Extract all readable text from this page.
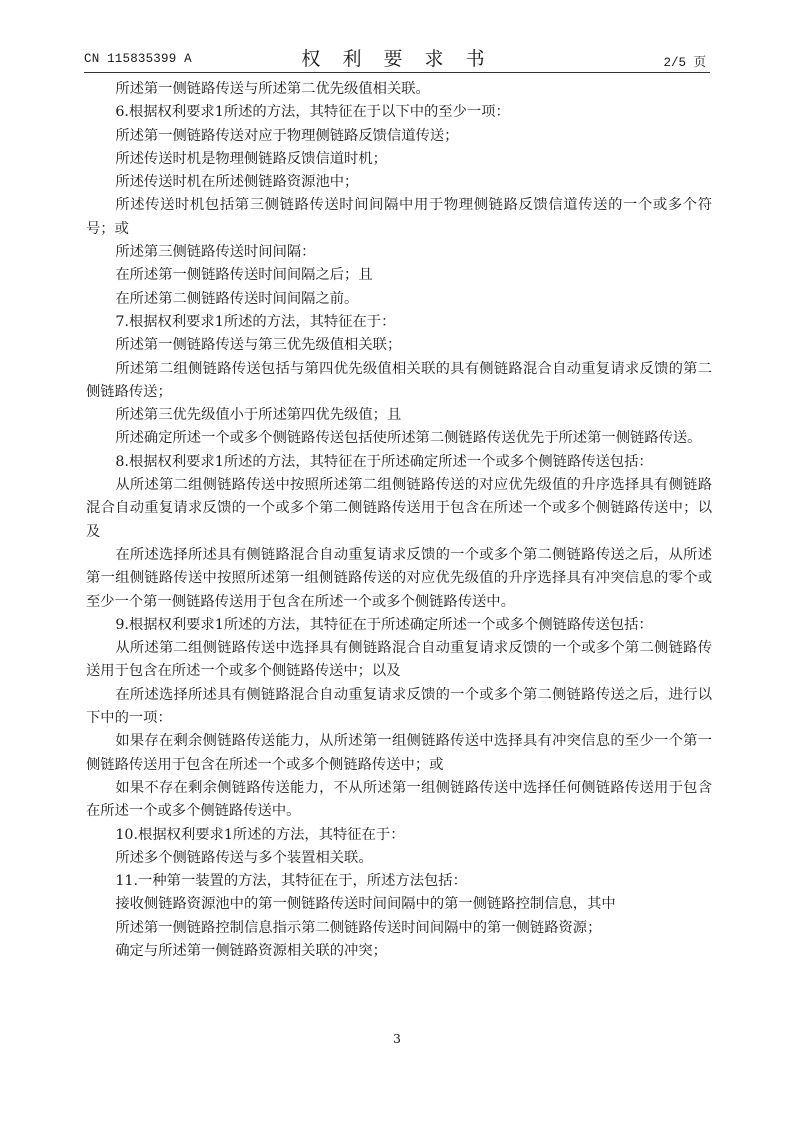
CN 115835399 A	权 利 要 求 书	2/5 页

所述第一侧链路传送与所述第二优先级值相关联。

6.根据权利要求1所述的方法，其特征在于以下中的至少一项：

所述第一侧链路传送对应于物理侧链路反馈信道传送；

所述传送时机是物理侧链路反馈信道时机；

所述传送时机在所述侧链路资源池中；

所述传送时机包括第三侧链路传送时间间隔中用于物理侧链路反馈信道传送的一个或多个符号；或

所述第三侧链路传送时间间隔：

在所述第一侧链路传送时间间隔之后；且

在所述第二侧链路传送时间间隔之前。

7.根据权利要求1所述的方法，其特征在于：

所述第一侧链路传送与第三优先级值相关联；

所述第二组侧链路传送包括与第四优先级值相关联的具有侧链路混合自动重复请求反馈的第二侧链路传送；

所述第三优先级值小于所述第四优先级值；且

所述确定所述一个或多个侧链路传送包括使所述第二侧链路传送优先于所述第一侧链路传送。

8.根据权利要求1所述的方法，其特征在于所述确定所述一个或多个侧链路传送包括：

从所述第二组侧链路传送中按照所述第二组侧链路传送的对应优先级值的升序选择具有侧链路混合自动重复请求反馈的一个或多个第二侧链路传送用于包含在所述一个或多个侧链路传送中；以及

在所述选择所述具有侧链路混合自动重复请求反馈的一个或多个第二侧链路传送之后，从所述第一组侧链路传送中按照所述第一组侧链路传送的对应优先级值的升序选择具有冲突信息的零个或至少一个第一侧链路传送用于包含在所述一个或多个侧链路传送中。

9.根据权利要求1所述的方法，其特征在于所述确定所述一个或多个侧链路传送包括：

从所述第二组侧链路传送中选择具有侧链路混合自动重复请求反馈的一个或多个第二侧链路传送用于包含在所述一个或多个侧链路传送中；以及

在所述选择所述具有侧链路混合自动重复请求反馈的一个或多个第二侧链路传送之后，进行以下中的一项：

如果存在剩余侧链路传送能力，从所述第一组侧链路传送中选择具有冲突信息的至少一个第一侧链路传送用于包含在所述一个或多个侧链路传送中；或

如果不存在剩余侧链路传送能力，不从所述第一组侧链路传送中选择任何侧链路传送用于包含在所述一个或多个侧链路传送中。

10.根据权利要求1所述的方法，其特征在于：

所述多个侧链路传送与多个装置相关联。

11.一种第一装置的方法，其特征在于，所述方法包括：

接收侧链路资源池中的第一侧链路传送时间间隔中的第一侧链路控制信息，其中

所述第一侧链路控制信息指示第二侧链路传送时间间隔中的第一侧链路资源；

确定与所述第一侧链路资源相关联的冲突；

3
